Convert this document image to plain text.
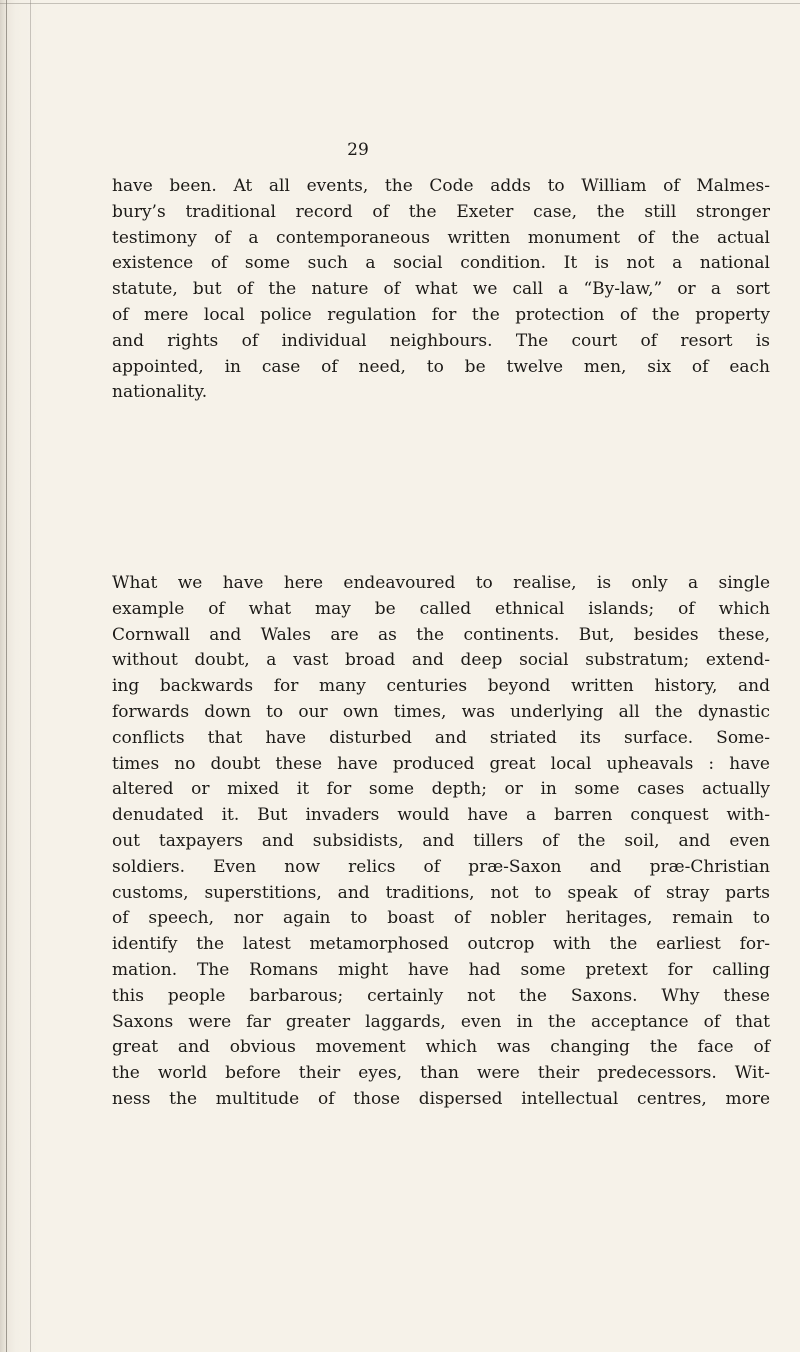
29
have been. At all events, the Code adds to William of Malmes-
bury’s traditional record of the Exeter case, the still stronger
testimony of a contemporaneous written monument of the actual
existence of some such a social condition. It is not a national
statute, but of the nature of what we call a “By-law,” or a sort
of mere local police regulation for the protection of the property
and rights of individual neighbours. The court of resort is
appointed, in case of need, to be twelve men, six of each
nationality.
What we have here endeavoured to realise, is only a single
example of what may be called ethnical islands; of which
Cornwall and Wales are as the continents. But, besides these,
without doubt, a vast broad and deep social substratum; extend-
ing backwards for many centuries beyond written history, and
forwards down to our own times, was underlying all the dynastic
conflicts that have disturbed and striated its surface. Some-
times no doubt these have produced great local upheavals : have
altered or mixed it for some depth; or in some cases actually
denudated it. But invaders would have a barren conquest with-
out taxpayers and subsidists, and tillers of the soil, and even
soldiers. Even now relics of præ-Saxon and præ-Christian
customs, superstitions, and traditions, not to speak of stray parts
of speech, nor again to boast of nobler heritages, remain to
identify the latest metamorphosed outcrop with the earliest for-
mation. The Romans might have had some pretext for calling
this people barbarous; certainly not the Saxons. Why these
Saxons were far greater laggards, even in the acceptance of that
great and obvious movement which was changing the face of
the world before their eyes, than were their predecessors. Wit-
ness the multitude of those dispersed intellectual centres, more
